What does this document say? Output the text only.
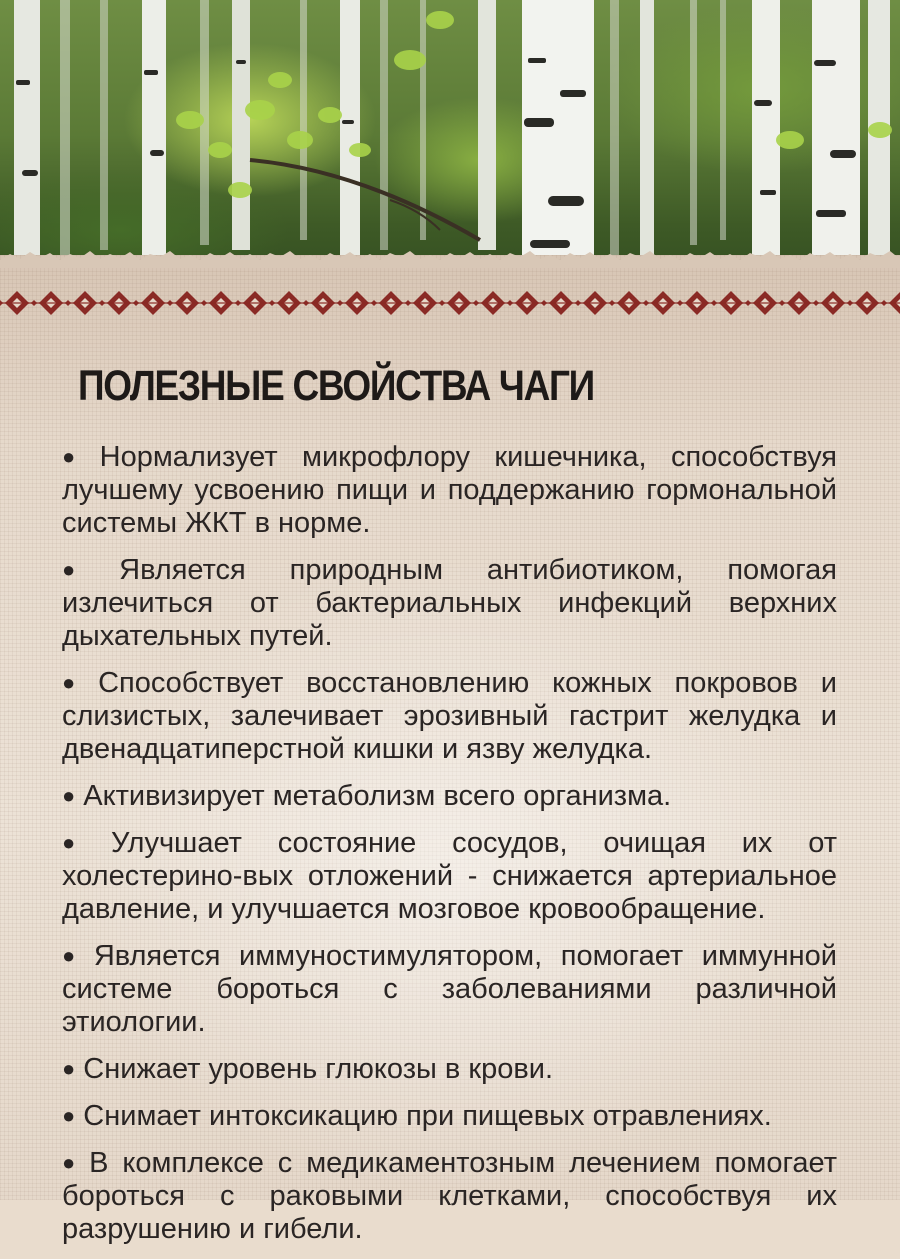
ПОЛЕЗНЫЕ СВОЙСТВА ЧАГИ
● Нормализует микрофлору кишечника, способствуя лучшему усвоению пищи и поддержанию гормональной системы ЖКТ в норме.
● Является природным антибиотиком, помогая излечиться от бактериальных инфекций верхних дыхательных путей.
● Способствует восстановлению кожных покровов и слизистых, залечивает эрозивный гастрит желудка и двенадцатиперстной кишки и язву желудка.
● Активизирует метаболизм всего организма.
● Улучшает состояние сосудов, очищая их от холестерино-вых отложений - снижается артериальное давление, и улучшается мозговое кровообращение.
● Является иммуностимулятором, помогает иммунной системе бороться с заболеваниями различной этиологии.
● Снижает уровень глюкозы в крови.
● Снимает интоксикацию при пищевых отравлениях.
● В комплексе с медикаментозным лечением помогает бороться с раковыми клетками, способствуя их разрушению и гибели.
